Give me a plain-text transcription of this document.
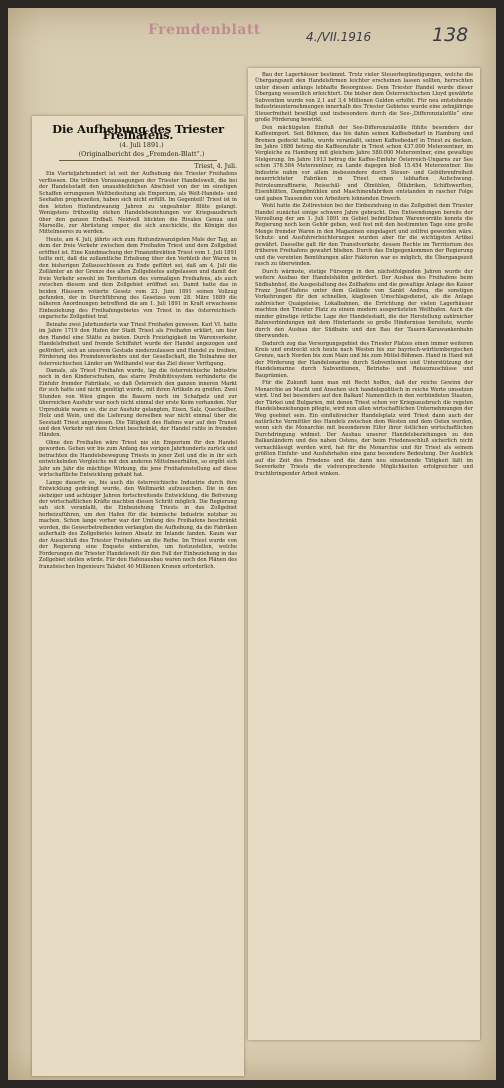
Fremdenblatt	4./VII.1916	138
Die Aufhebung des Triester Freihafens.

(4. Juli 1891.)

(Originalbericht des „Fremden-Blatt“.)

Triest, 4. Juli.

Ein Vierteljahrhundert ist seit der Aufhebung des Triester Freihafens verflossen. Die trüben Voraussagungen der Triester Handelswelt, die bei der Handelsstadt den unausbleiblichen Abschied von der im einstigen Schaffen errungenen Weltbedeutung als Emporium, als Welt-Handels- und Seehafen prophezeiten, haben sich nicht erfüllt. Im Gegenteil! Triest ist in den letzten fünfundzwanzig Jahren zu ungeahnter Blüte gelangt. Wenigstens frühzeitig stehen Handelsbeziehungen vor Kriegsausbruch über den ganzen Erdball. Neidvoll blickten die Rivalen Genua und Marseille, zur Abrüstung empor, die sich anschickte, die Königin des Mittelmeeres zu werden.

Heute, am 4. Juli, jährte sich zum fünfundzwanzigsten Male der Tag, an dem der freie Verkehr zwischen dem Freihafen Triest und dem Zollgebiet eröffnet ist. Eine Kundmachung der Finanzdirektion Triest vom 1. Juli 1891 teilte mit, daß die zollamtliche Erhebung über den Verbleib der Waren in den bisherigen Zollausschüssen zu Ende geführt sei, daß am 4. Juli die Zollämter an der Grenze des alten Zollgebietes aufgelassen und damit der freie Verkehr sowohl im Territorium des vormaligen Freihafens, als auch zwischen diesem und dem Zollgebiet eröffnet sei. Damit hatte das in beiden Häusern votierte Gesetz vom 23. Juni 1891 seinen Vollzug gefunden, der in Durchführung des Gesetzes vom 28. März 1889 die näheren Anordnungen betreffend die am 1. Juli 1891 in Kraft erwachsene Einbeziehung des Freihafengebietes von Triest in das österreichisch-ungarische Zollgebiet traf.

Beinahe zwei Jahrhunderte war Triest Freihafen gewesen. Karl VI. hatte im Jahre 1719 den Hafen der Stadt Triest als Freihafen erklärt, um hier den Handel eine Stätte zu bieten. Durch Freizügigkeit im Warenverkehr, Handelsfreiheit und fremde Schiffahrt wurde der Handel angezogen und gefördert, sich an unserem Gestade niederzulassen und Handel zu treiben, Förderung des Fremdenverkehrs und der Gesellschaft, die Teilnahme der österreichischen Länder am Welthandel war das Ziel dieser Verfügung.

Damals, als Triest Freihafen wurde, lag die österreichische Industrie noch in den Kinderschuhen, das starre Prohibitivsystem verhinderte die Einfuhr fremder Fabrikate, so daß Österreich den ganzen inneren Markt für sich hatte und nicht genötigt wurde, mit ihren Artikeln zu greifen. Zwei Stunden von Wien gingen die Bauern noch im Schafpelz und zur überreichen Ausfuhr war noch nicht einmal der erste Keim vorhanden. Nur Urprodukte waren es, die zur Ausfuhr gelangten, Eisen, Salz, Quecksilber, Holz und Wein, und die Lieferung derselben war nicht einmal über die Seestadt Triest angewiesen. Die Tätigkeit des Hafens war auf den Transit und den Verkehr mit dem Orient beschränkt, der Handel ruhte in fremden Händen.

Ohne den Freihafen wäre Triest nie ein Emporium für den Handel geworden. Gehen wir bis zum Anfang des vorigen Jahrhunderts zurück und betrachten die Handelsbewegung Triests in jener Zeit und die in ihr sich entwickelnden Vergleiche mit den anderen Mittelmeerhäfen, so ergibt sich Jahr um Jahr die mächtige Wirkung, die jene Freihafenstellung auf diese wirtschaftliche Entwicklung gehabt hat.

Lange dauerte es, bis auch die österreichische Industrie durch ihre Entwicklung gedrängt wurde, den Weltmarkt aufzusuchen. Die in den siebziger und achtziger Jahren fortschreitende Entwicklung, die Befreiung der wirtschaftlichen Kräfte machten diesen Schritt möglich. Die Regierung sah sich veranlaßt, die Einbeziehung Triests in das Zollgebiet herbeizuführen, um den Hafen für die heimische Industrie nutzbar zu machen. Schon lange vorher war der Umfang des Freihafens beschränkt worden, die Gewerbetreibenden verlangten die Aufhebung, da die Fabriken außerhalb des Zollgebietes keinen Absatz im Inlande fanden. Kaum war der Ausschluß des Triester Freihafens an die Reihe. Im Triest wurde von der Regierung eine Enquete einberufen, um festzustellen, welche Forderungen die Triester Handelswelt für den Fall der Einbeziehung in das Zollgebiet stellen würde. Für den Hafenausbau waren noch den Plänen des französischen Ingenieurs Talabot 40 Millionen Kronen erforderlich.

Bau der Lagerhäuser bestimmt. Trotz vieler Steuerbegünstigungen, welche die Übergangszeit den Handelsfirmen leichter erscheinen lassen sollten, herrschten unter diesen anfangs lebhafte Besorgnisse. Dem Triester Handel wurde dieser Übergang wesentlich erleichtert. Die bisher dem Österreichischen Lloyd gewährte Subvention wurde von 2,1 auf 3,4 Millionen Gulden erhöht. Für neu entstehende Industrieunternehmungen innerhalb des Triester Gebietes wurde eine zehnjährige Steuerfreiheit bewilligt und insbesondere durch die See-„Differenzialzölle“ eine große Förderung bewirkt.

Den mächtigsten Einfluß der See-Differenzialzölle fühlte besonders der Kaffeeimport. Seit Böhmen, das bis dahin seinen Kaffeebedarf in Hamburg und Bremen gedeckt hatte, wurde veranlaßt, seinen Kaffeebedarf in Triest zu decken. Im Jahre 1886 betrug die Kaffeezufuhr in Triest schon 437.000 Meterzentner, im Vergleiche zu Hamburg mit gleichem Jahre 580.000 Meterzentner, eine gewaltige Steigerung. Im Jahre 1913 betrug die Kaffee-Einfuhr Österreich-Ungarns zur See schon 378.584 Meterzentner, zu Lande dagegen bloß 15.454 Meterzentner. Die Industrie nahm vor allem insbesondere durch Steuer- und Gebührenfreiheit neuerrichteter Fabriken in Triest einen lebhaften Aufschwung. Petroleumraffinerie, Reisschäl- und Ölmühlen, Ölfabriken, Schiffswerften, Eisenhütten, Dampfmühlen und Maschinenfabriken entstanden in rascher Folge und gaben Tausenden von Arbeitern lohnenden Erwerb.

Wohl hatte die Zollrevision bei der Einbeziehung in das Zollgebiet dem Triester Handel zunächst einige schwere Jahre gebracht. Den Entwendungen bereits der Verzollung der am 1. Juli 1891 im Gebiet befindlichen Warenvorräte konnte die Regierung noch kein Gehör geben, weil fest mit den bestimmten Tage eine große Menge fremder Waren in den Magazinen eingelagert und zollfrei geworden wäre. Schutz- und Ausfuhrerleichterungen wurden aber für die wichtigsten Artikel gewährt. Dasselbe galt für den Transitverkehr, dessen Rechte im Territorium des früheren Freihafens gewahrt blieben. Durch das Entgegenkommen der Regierung und die vereinten Bemühungen aller Faktoren war es möglich, die Übergangszeit rasch zu überwinden.

Durch wärmste, stetige Fürsorge in den nächstfolgenden Jahren wurde der weitere Ausbau der Handelshäfen gefördert. Der Ausbau des Freihafens beim Südbahnhof, die Ausgestaltung des Zollhafens und die gewaltige Anlage des Kaiser Franz Josef-Hafens unter dem Gelände von Sankt Andrea, die sonstigen Vorkehrungen für den schnellen, klaglosen Umschlagsdienst, als die Anlage zahlreicher Quaigeleise, Lokalbahnen, die Errichtung der vielen Lagerhäuser machten den Triester Platz zu einem modern ausgerüsteten Welthafen. Auch die minder günstige örtliche Lage der Handelsstadt, die der Herstellung zahlreicher Bahnverbindungen mit dem Hinterlande so große Hindernisse bereitete, wurde durch den Ausbau der Südbahn und den Bau der Tauern-Karawankenbahn überwunden.

Dadurch zog das Versorgungsgebiet des Triester Platzes einen immer weiteren Kreis und erstreckt sich heute nach Westen bis zur bayrisch-württembergischen Grenze, nach Norden bis zum Main und bis zum Mittel-Böhmen. Hand in Hand mit der Förderung der Handelsmarine durch Subventionen und Unterstützung der Handelsmarine durch Subventionen, Betriebs- und Reiseznuschüsse und Bauprämien.

Für die Zukunft kann man mit Recht hoffen, daß der reiche Gewinn der Monarchie an Macht und Ansehen sich handelspolitisch in reiche Werte umsetzen wird. Und bei besonders auf den Balkan! Namentlich in den verbündeten Staaten, der Türkei und Bulgarien, mit denen Triest schon vor Kriegsausbruch die regsten Handelsbeziehungen pflegte, wird nun allen wirtschaftlichen Unternehmungen der Weg geebnet sein. Ein einflußreicher Handelsplatz wird Triest dann auch der natürliche Vermittler des Handels zwischen dem Westen und dem Osten werden, wenn sich die Monarchie mit besonderem Eifer ihrer östlichen wirtschaftlichen Durchdringung widmet. Der Ausbau unserer Handelsbeziehungen zu den Balkanländern und des nahen Ostens, der beim Friedensschluß sicherlich nicht vernachlässigt werden wird, hat für die Monarchie und für Triest als seinem größten Einfuhr- und Ausfuhrhafen eine ganz besondere Bedeutung. Der Ausblick auf die Zeit des Friedens und die dann neu einsetzende Tätigkeit läßt im Seeverkehr Triests die vielversprechende Möglichkeiten erfolgreicher und fruchtbringender Arbeit winken.
